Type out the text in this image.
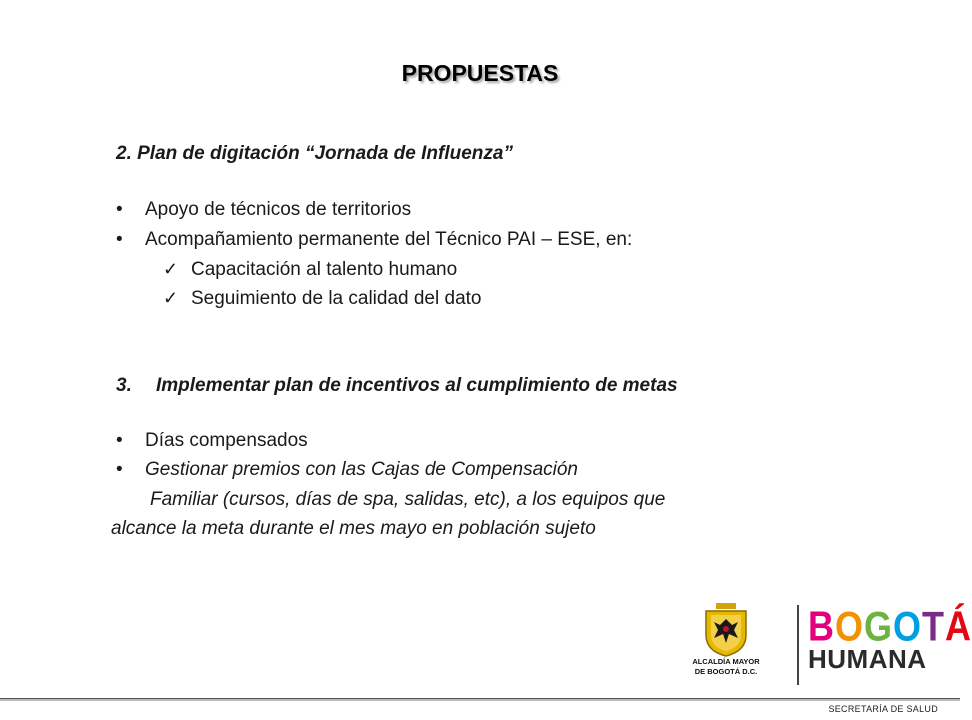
PROPUESTAS
2. Plan de digitación “Jornada de Influenza”
• Apoyo de técnicos de territorios
• Acompañamiento permanente del Técnico PAI – ESE, en:
✓ Capacitación al talento humano
✓ Seguimiento de la calidad del dato
3. Implementar plan de incentivos al cumplimiento de metas
• Días compensados
• Gestionar premios con las Cajas de Compensación
Familiar (cursos, días de spa, salidas, etc), a los equipos que
alcance la meta durante el mes mayo en población sujeto
ALCALDÍA MAYOR
DE BOGOTÁ D.C.
BOGOTÁ
HUMANA
SECRETARÍA DE SALUD
